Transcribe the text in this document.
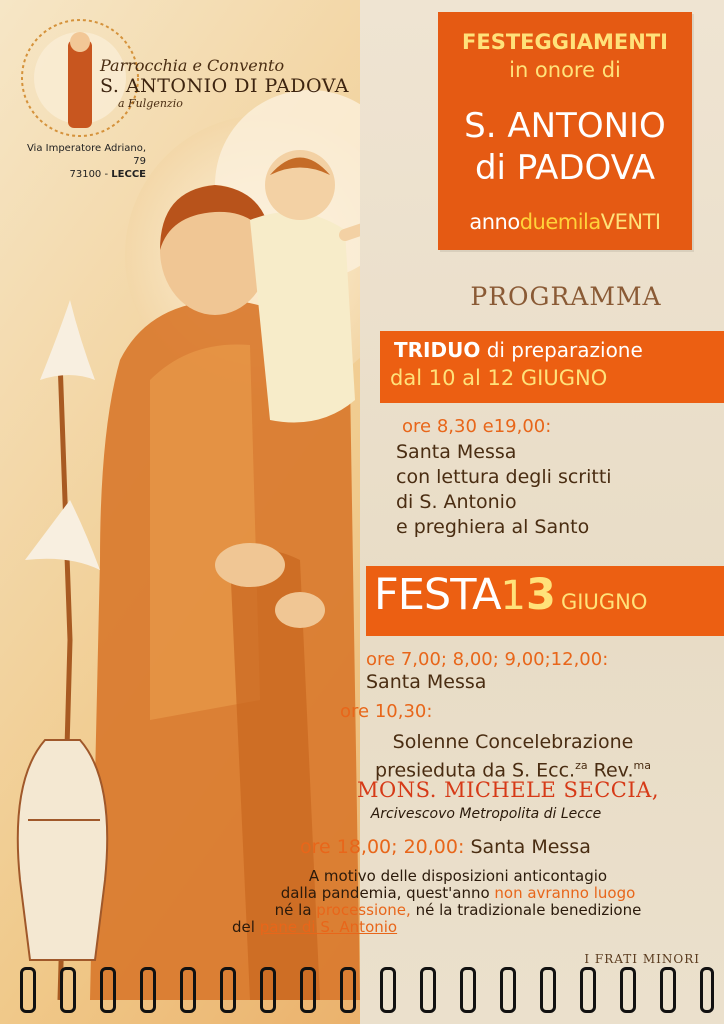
Parrocchia e Convento
S. ANTONIO DI PADOVA
a Fulgenzio
Via Imperatore Adriano, 79
73100 - LECCE
FESTEGGIAMENTI
in onore di
S. ANTONIO
di PADOVA
annoduemilaVENTI
PROGRAMMA
TRIDUO di preparazione
dal 10 al 12 GIUGNO
ore 8,30 e19,00:
Santa Messa
con lettura degli scritti
di S. Antonio
e preghiera al Santo
FESTA13 GIUGNO
ore 7,00; 8,00; 9,00;12,00:
Santa Messa
ore 10,30:
Solenne Concelebrazione
presieduta da S. Ecc.$^{za}$ Rev.$^{ma}$
MONS. MICHELE SECCIA,
Arcivescovo Metropolita di Lecce
ore 18,00; 20,00: Santa Messa
A motivo delle disposizioni anticontagio
dalla pandemia, quest'anno non avranno luogo
né la processione, né la tradizionale benedizione
del pane di S. Antonio
I FRATI MINORI
